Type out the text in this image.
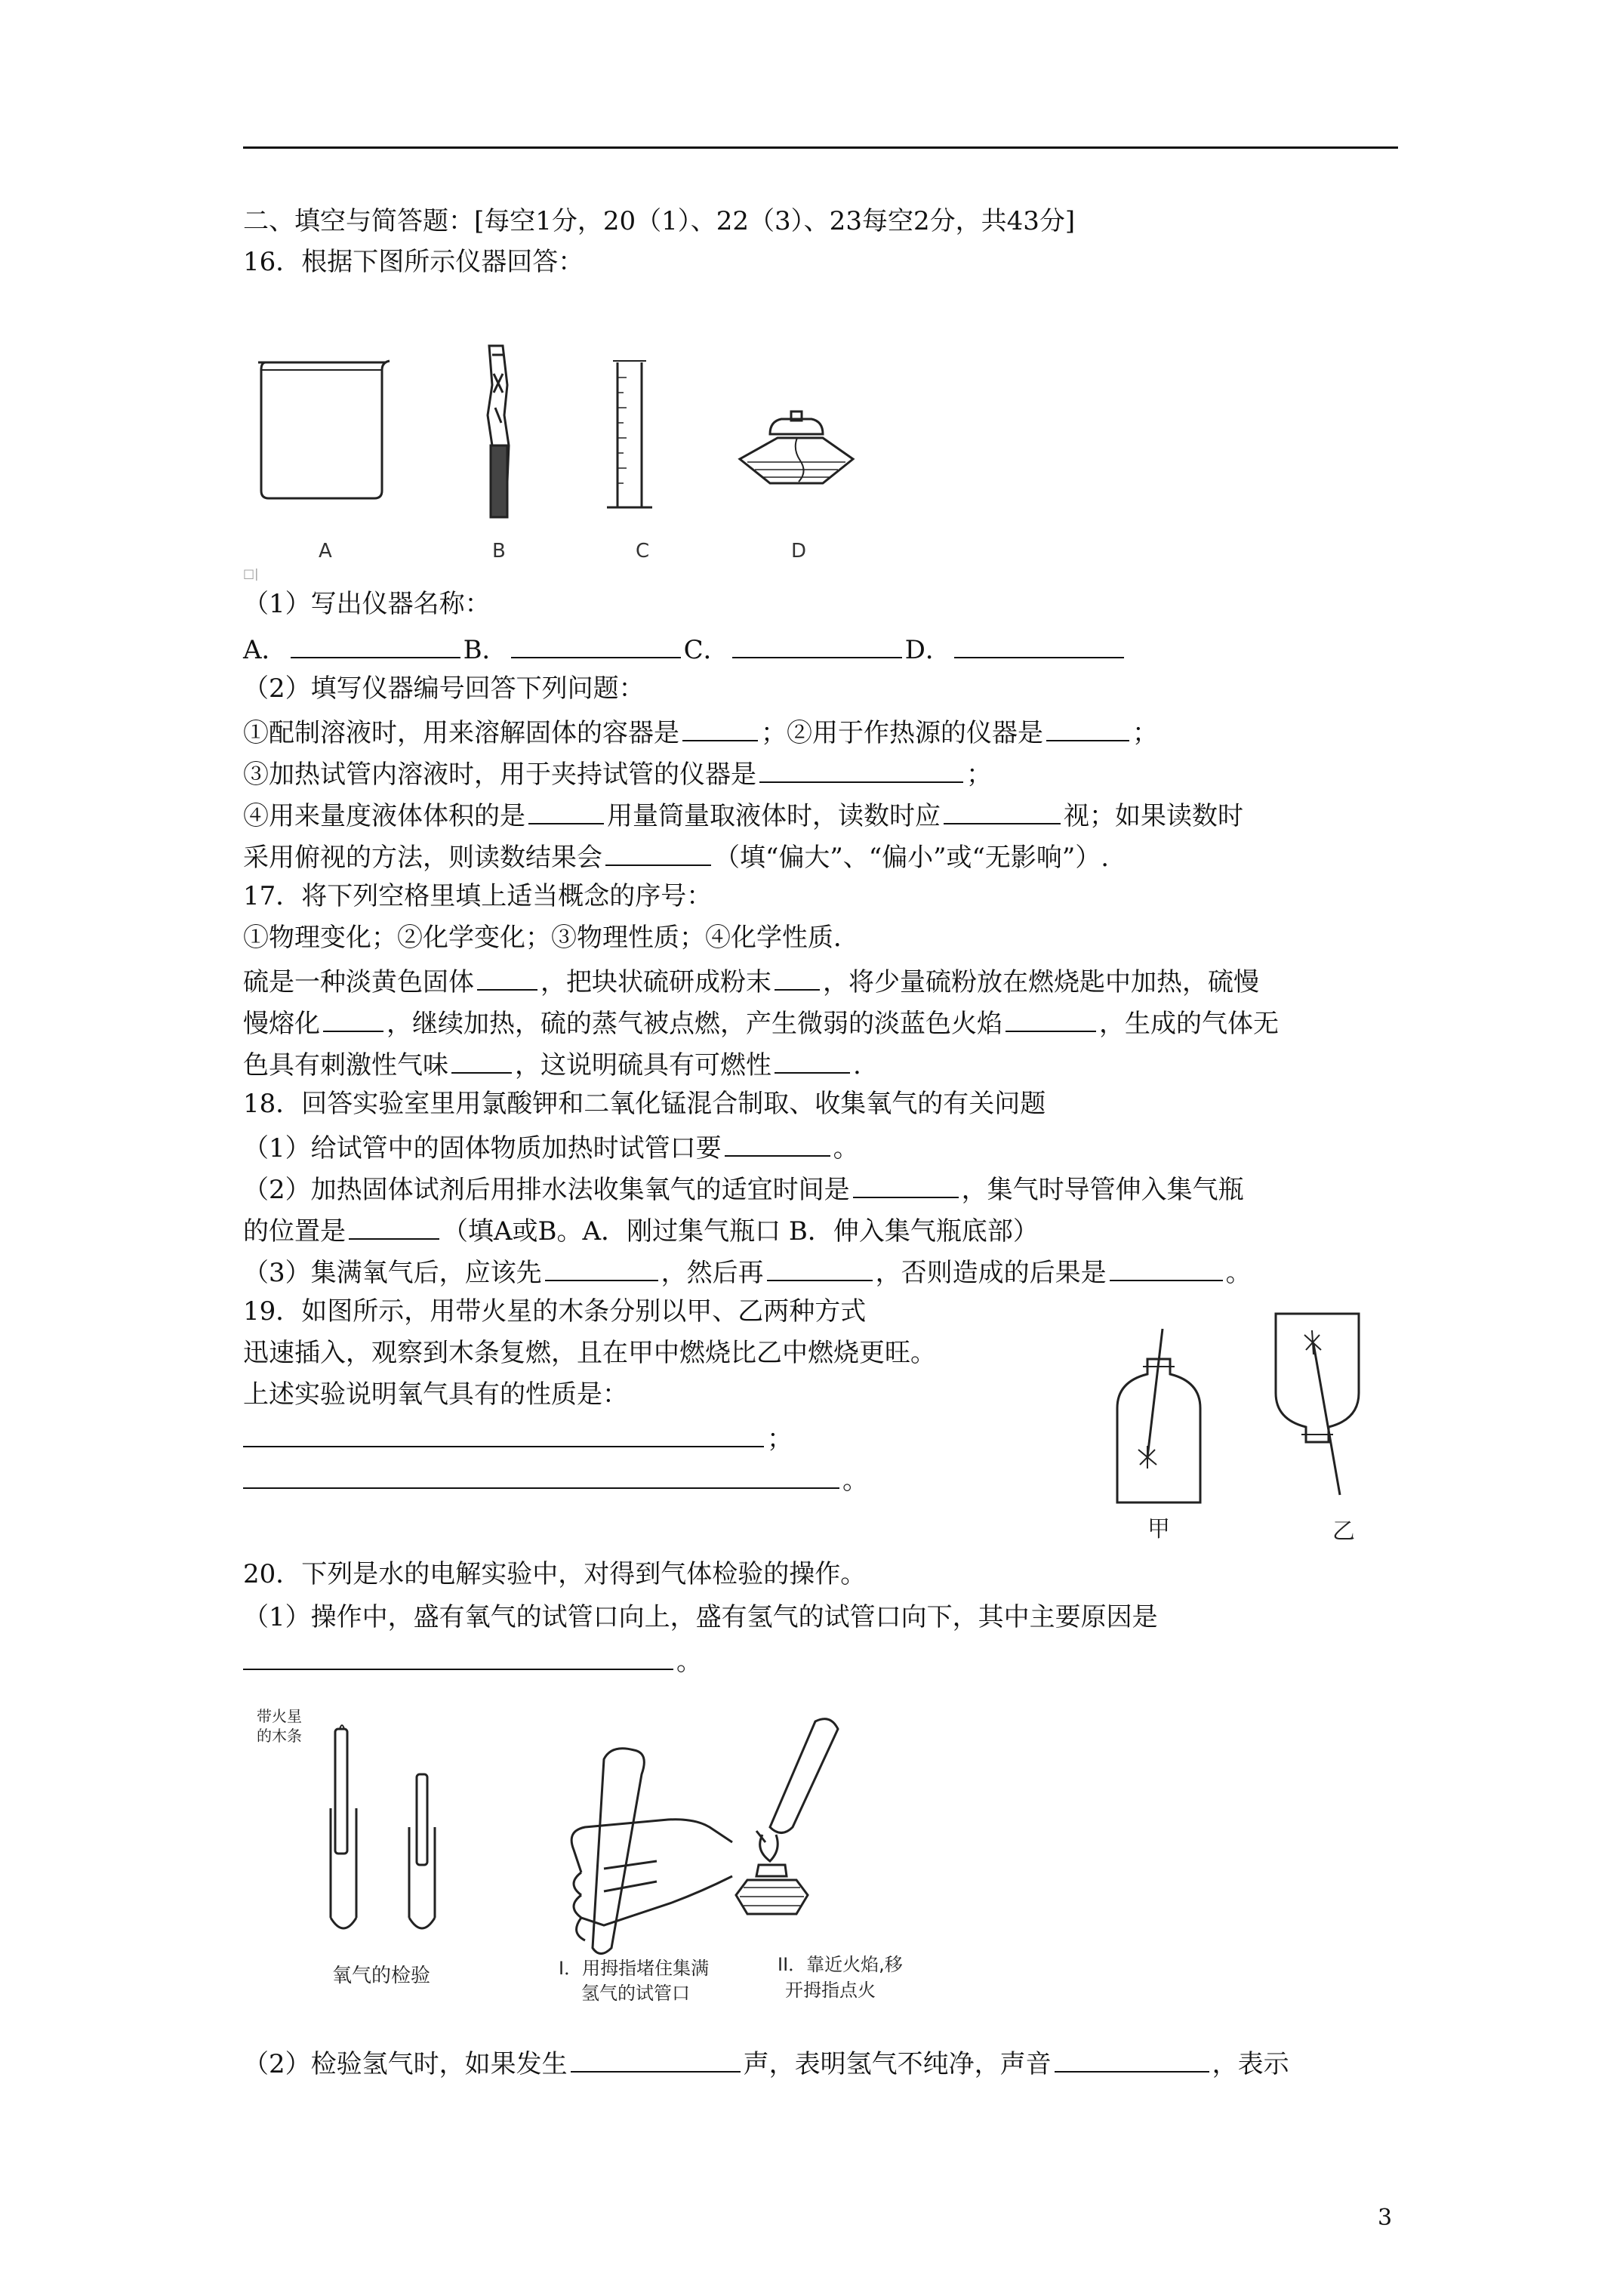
二、填空与简答题：[每空1分，20（1）、22（3）、23每空2分，共43分]
16．根据下图所示仪器回答：
A	B	C	D
□|
（1）写出仪器名称：
A．	B．	C．	D．
（2）填写仪器编号回答下列问题：
①配制溶液时，用来溶解固体的容器是	；②用于作热源的仪器是	；
③加热试管内溶液时，用于夹持试管的仪器是	；
④用来量度液体体积的是	用量筒量取液体时，读数时应	视；如果读数时
采用俯视的方法，则读数结果会	（填“偏大”、“偏小”或“无影响”）.
17．将下列空格里填上适当概念的序号：
①物理变化；②化学变化；③物理性质；④化学性质．
硫是一种淡黄色固体	，把块状硫研成粉末 ，将少量硫粉放在燃烧匙中加热，硫慢
慢熔化	，继续加热，硫的蒸气被点燃，产生微弱的淡蓝色火焰	，生成的气体无
色具有刺激性气味	，这说明硫具有可燃性	.
18．回答实验室里用氯酸钾和二氧化锰混合制取、收集氧气的有关问题
（1）给试管中的固体物质加热时试管口要	。
（2）加热固体试剂后用排水法收集氧气的适宜时间是	，集气时导管伸入集气瓶
的位置是	（填A或B。A．刚过集气瓶口 B．伸入集气瓶底部）
（3）集满氧气后，应该先	，然后再	，否则造成的后果是	。
19．如图所示，用带火星的木条分别以甲、乙两种方式
迅速插入，观察到木条复燃，且在甲中燃烧比乙中燃烧更旺。
上述实验说明氧气具有的性质是：
；
。
甲	乙
20．下列是水的电解实验中，对得到气体检验的操作。
（1）操作中，盛有氧气的试管口向上，盛有氢气的试管口向下，其中主要原因是
。
带火星
的木条
氧气的检验	I．用拇指堵住集满
氢气的试管口
II．靠近火焰,移
开拇指点火
（2）检验氢气时，如果发生	声，表明氢气不纯净，声音	，表示
3
